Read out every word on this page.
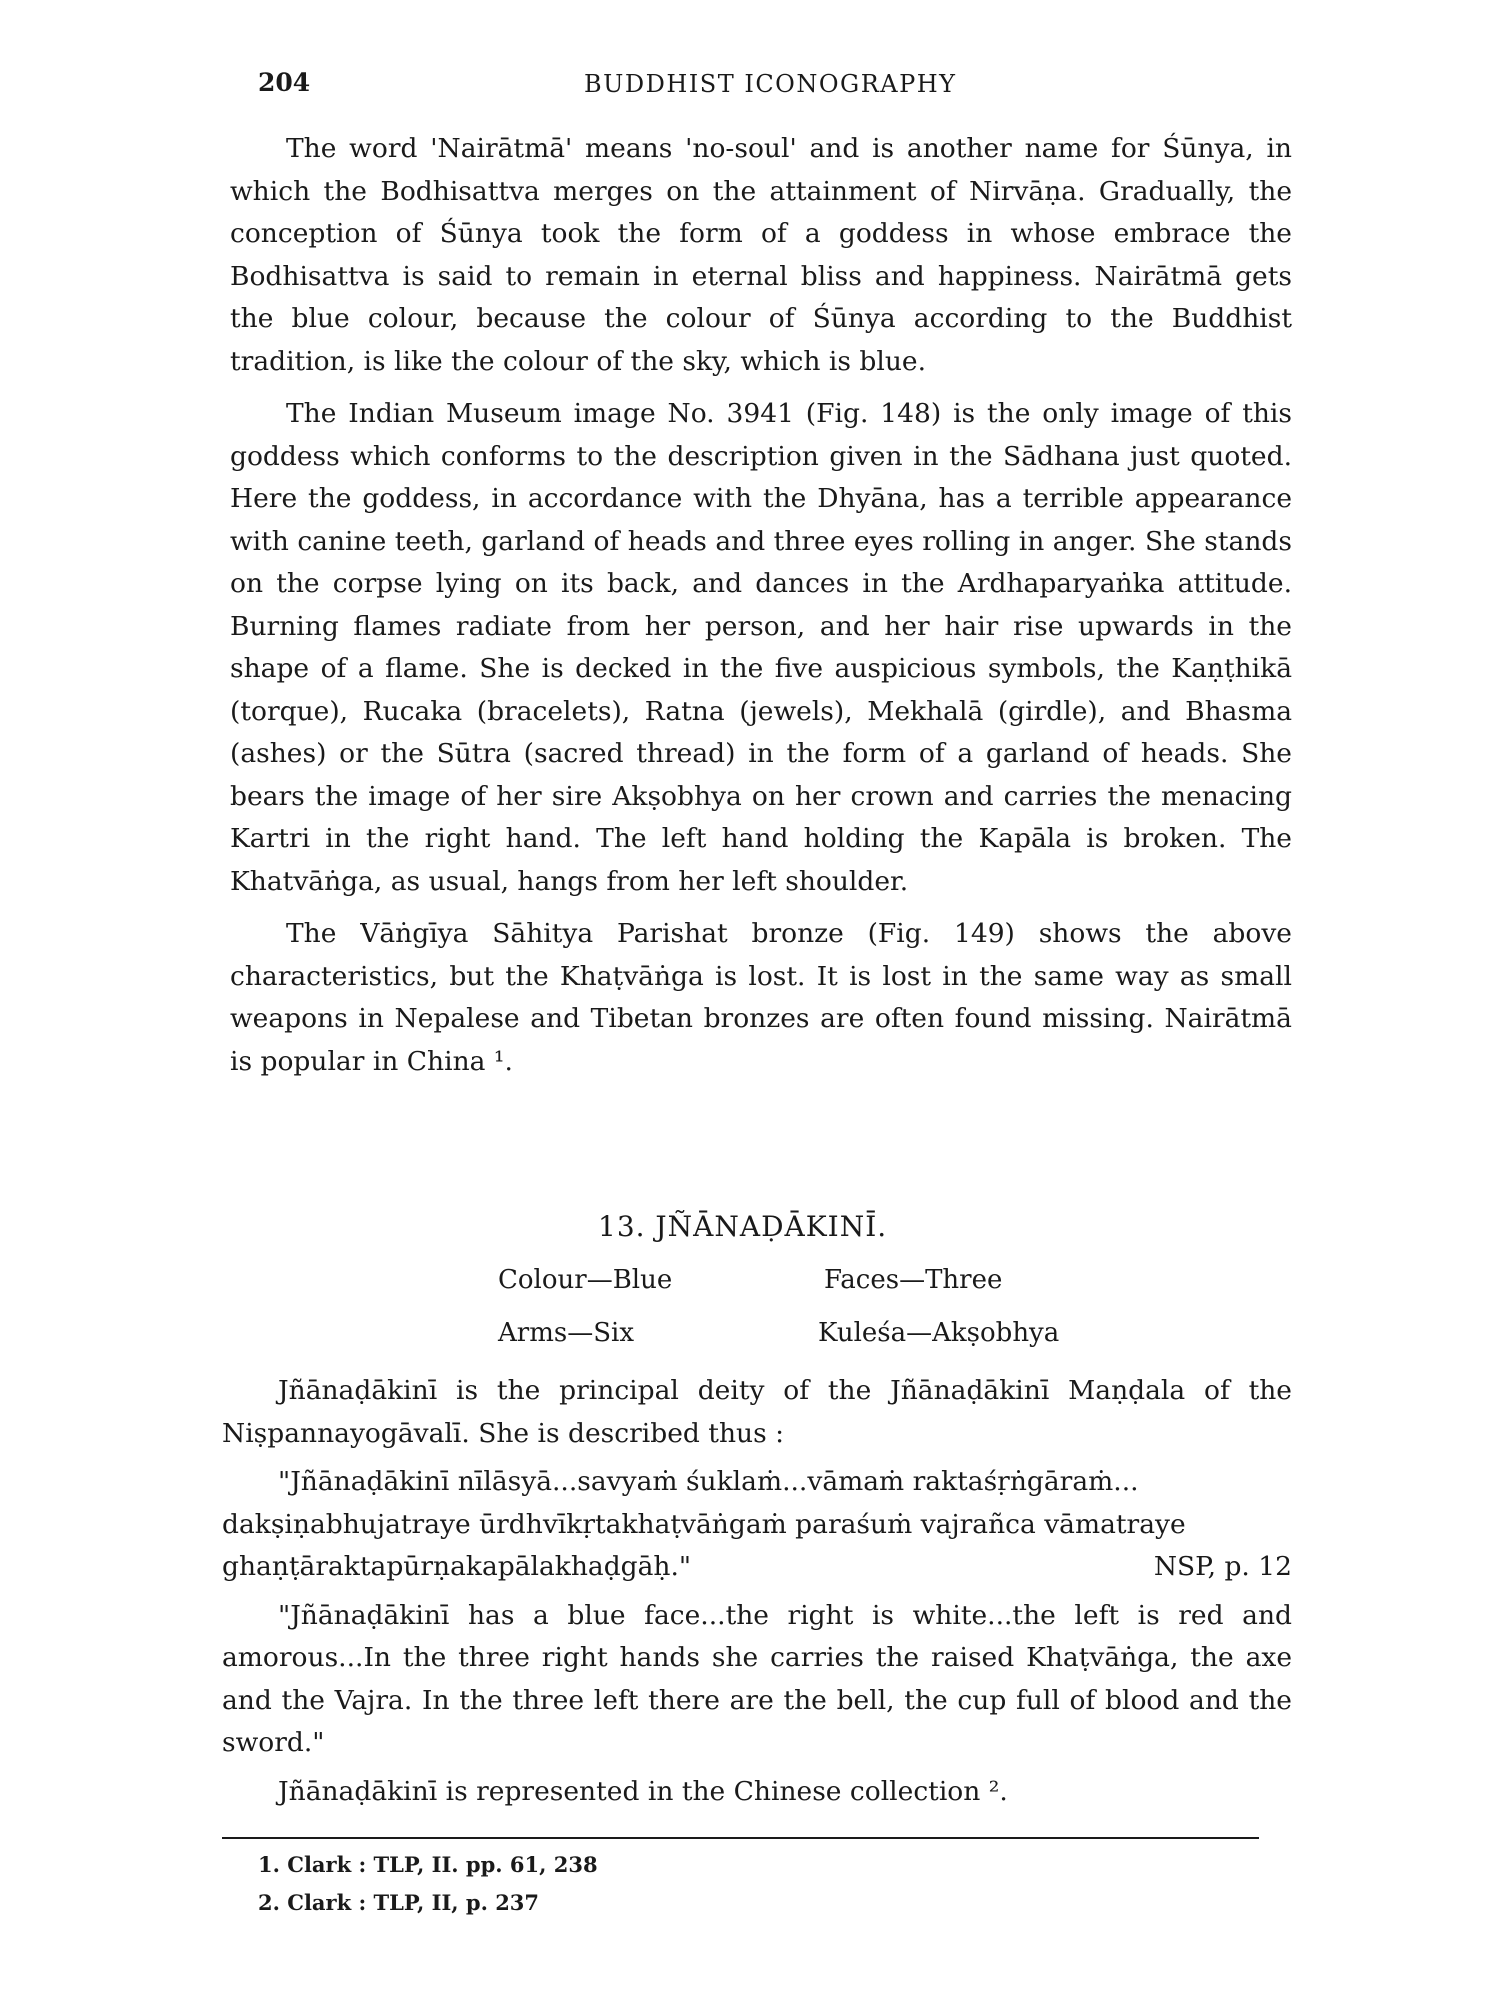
204	BUDDHIST ICONOGRAPHY

The word 'Nairātmā' means 'no-soul' and is another name for Śūnya, in which the Bodhisattva merges on the attainment of Nirvāṇa. Gradually, the conception of Śūnya took the form of a goddess in whose embrace the Bodhisattva is said to remain in eternal bliss and happiness. Nairātmā gets the blue colour, because the colour of Śūnya according to the Buddhist tradition, is like the colour of the sky, which is blue.

The Indian Museum image No. 3941 (Fig. 148) is the only image of this goddess which conforms to the description given in the Sādhana just quoted. Here the goddess, in accordance with the Dhyāna, has a terrible appearance with canine teeth, garland of heads and three eyes rolling in anger. She stands on the corpse lying on its back, and dances in the Ardhaparyaṅka attitude. Burning flames radiate from her person, and her hair rise upwards in the shape of a flame. She is decked in the five auspicious symbols, the Kaṇṭhikā (torque), Rucaka (bracelets), Ratna (jewels), Mekhalā (girdle), and Bhasma (ashes) or the Sūtra (sacred thread) in the form of a garland of heads. She bears the image of her sire Akṣobhya on her crown and carries the menacing Kartri in the right hand. The left hand holding the Kapāla is broken. The Khatvāṅga, as usual, hangs from her left shoulder.

The Vāṅgīya Sāhitya Parishat bronze (Fig. 149) shows the above characteristics, but the Khaṭvāṅga is lost. It is lost in the same way as small weapons in Nepalese and Tibetan bronzes are often found missing. Nairātmā is popular in China ¹.

13. JÑĀNAḌĀKINĪ.
Colour—Blue	Faces—Three
Arms—Six	Kuleśa—Akṣobhya

Jñānaḍākinī is the principal deity of the Jñānaḍākinī Maṇḍala of the Niṣpannayogāvalī. She is described thus :

"Jñānaḍākinī nīlāsyā...savyaṁ śuklaṁ...vāmaṁ raktaśṛṅgāraṁ...
dakṣiṇabhujatraye ūrdhvīkṛtakhaṭvāṅgaṁ paraśuṁ vajrañca vāmatraye
ghaṇṭāraktapūrṇakapālakhaḍgāḥ."	NSP, p. 12

"Jñānaḍākinī has a blue face...the right is white...the left is red and amorous...In the three right hands she carries the raised Khaṭvāṅga, the axe and the Vajra. In the three left there are the bell, the cup full of blood and the sword."

Jñānaḍākinī is represented in the Chinese collection ².

1. Clark : TLP, II. pp. 61, 238
2. Clark : TLP, II, p. 237
